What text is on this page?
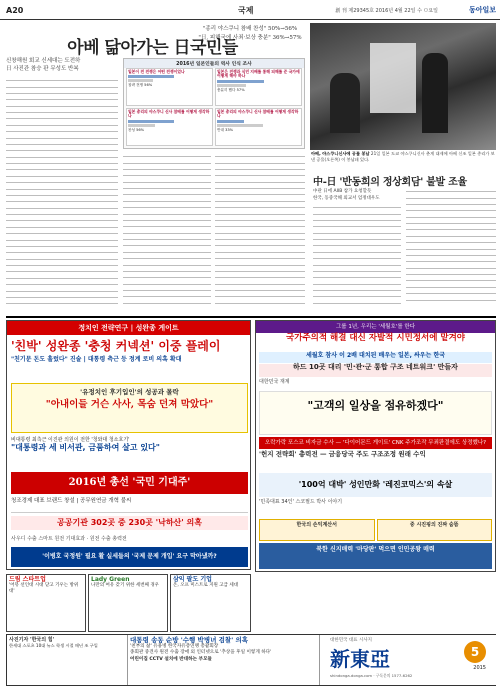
A20	국제	創 刊 제29345호 2016년 4월 22일 수 ㅁ요일	동아일보
"종리 야스쿠니 참배 찬성" 50%→56%
"日, 피해국에 사죄·보상 충분" 36%→57%
아베 닮아가는 日국민들
신창해원 회교 신세대는 도전하
日 사진관 참승 판 무성도 반복
2016년 일본인들의 역사 인식 조사
일본이 전 전쟁은 어떤 전쟁이었나
침략 전쟁 56%
일본은 전쟁과 식민 지배를 통해 피해를 준 국가에 어떻게 해야 하나
충분히 했다 57%
일본 총리의 야스쿠니 신사 참배를 어떻게 생각하나
찬성 56%
일본 총리의 야스쿠니 신사 참배를 어떻게 생각하나
반대 33%
아베, 야스쿠니신사에 공물 봉납 21일 일본 도쿄 야스쿠니신사 춘계 대제에 아베 신조 일본 총리가 보낸 공물(오른쪽) 이 봉납돼 있다.
中-日 '반동희의 정상회담' 불발 조율
中관 日에 AIIB 참가 요청할듯
한국, 동중국해 외교서 엄정대우도
정치인 전략연구 | 성완종 게이트
'친박' 성완종 '충청 커넥션' 이중 플레이
"친기문 돈도 흘렀다" 진술 | 대통령 측근 등 정계 로비 의혹 확대
'유정치인 후기입인'의 성공과 몰락
"아내이들 거슨 사사, 목숨 던져 막았다"
비대통령 최측근 이진관 의원이 전한 '청와대 청소호기'
"대통령과 세 비서관, 금품하여 살고 있다"
2016년 총선 '국민 기대주'
청조경제 대표 브랜드 창설 | 공무원연금 개혁 불씨
공공기관 302곳 중 230곳 '낙하산' 의혹
사우디 수출 스마트 원전 기대효과 · 원전 수출 총력전
'이병호 국정원' 필요 활 실세들의 '국제 문제 개입' 요구 막아냈까?
그룹 1년, 우리는 '세월호'를 한다
국가주의적 해결 대신 자발적 시민정서에 맡겨야
세월호 참사 이 2배 대치된 배우는 일본, 싸우는 한국
하드 10곳 대리 '민·관·군 통합 구조 네트워크' 만들자
대한민국 재계
"고객의 일상을 점유하겠다"
오락가락 포스코 비자금 수사 — '다이어몬드 게이트' CNK 주가조작 무죄판결에도 상정했나?
'헌지 전략회' 총력전 — 금융당국 주도 구조조정 원래 수익
'100억 대박' 성인만화 '레진코믹스'의 속살
'민족대표 34인' 스코필드 박사 이야기
한국의 손익계산서	중 시진핑의 진짜 숨뜸
북한 신지매력 '마당판' 먹으면 인민공왕 매력
드림 스타트업
'어뮤 선인대 시대 닫고 기우는 방위대'
Lady Green
나만의 여유 갖기 위한 세번째 경우
삼익 팔도 기업
온, 오프 미스트로 지원 고급 세대
사진기자 '한국의 힘'
한세대 스포츠 10대 뉴스 학생 시절 매년 조 구입
대통령 송동 순방 '수행 박병녀 검찰' 의혹
'친부의 삶' 유용병 한국자유총연맹 총괄회장
종회관 중견사 원전 수출 장애 외 인터넷으로 '추상을 후일 이렇게 하다'
어린이집 CCTV 설치에 반대하는 부모들
대한민국 대표 시사지
新東亞	5
2015
shindonga.donga.com · 구독문의 1577-6262
